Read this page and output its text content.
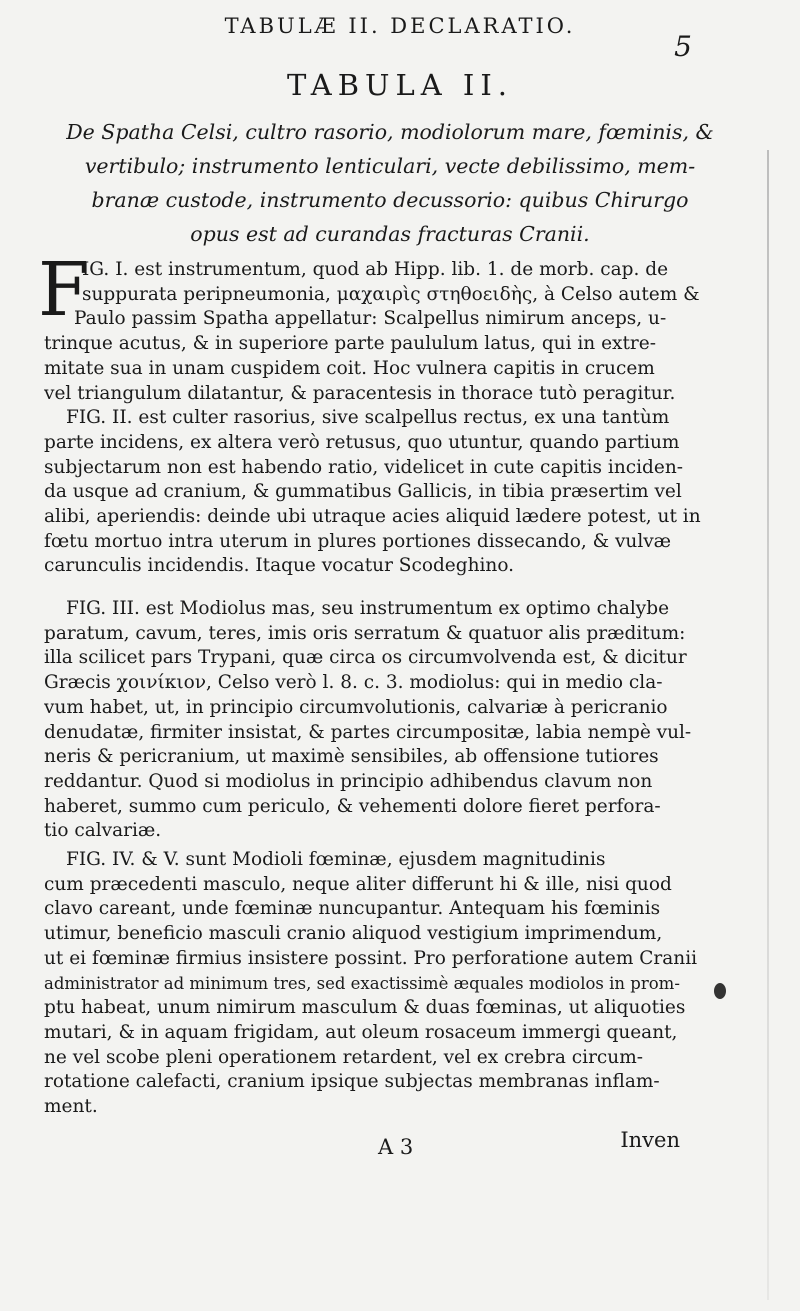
TABULÆ II. DECLARATIO.
5
TABULA II.
De Spatha Celsi, cultro rasorio, modiolorum mare, fœminis, &
vertibulo; instrumento lenticulari, vecte debilissimo, mem-
branæ custode, instrumento decussorio: quibus Chirurgo
opus est ad curandas fracturas Cranii.
F
IG. I. est instrumentum, quod ab Hipp. lib. 1. de morb. cap. de
suppurata peripneumonia, μαχαιρὶς στηθοειδὴς, à Celso autem &
Paulo passim Spatha appellatur: Scalpellus nimirum anceps, u-
trinque acutus, & in superiore parte paululum latus, qui in extre-
mitate sua in unam cuspidem coit. Hoc vulnera capitis in crucem
vel triangulum dilatantur, & paracentesis in thorace tutò peragitur.
FIG. II. est culter rasorius, sive scalpellus rectus, ex una tantùm
parte incidens, ex altera verò retusus, quo utuntur, quando partium
subjectarum non est habendo ratio, videlicet in cute capitis inciden-
da usque ad cranium, & gummatibus Gallicis, in tibia præsertim vel
alibi, aperiendis: deinde ubi utraque acies aliquid lædere potest, ut in
fœtu mortuo intra uterum in plures portiones dissecando, & vulvæ
carunculis incidendis. Itaque vocatur Scodeghino.
FIG. III. est Modiolus mas, seu instrumentum ex optimo chalybe
paratum, cavum, teres, imis oris serratum & quatuor alis præditum:
illa scilicet pars Trypani, quæ circa os circumvolvenda est, & dicitur
Græcis χοινίκιον, Celso verò l. 8. c. 3. modiolus: qui in medio cla-
vum habet, ut, in principio circumvolutionis, calvariæ à pericranio
denudatæ, firmiter insistat, & partes circumpositæ, labia nempè vul-
neris & pericranium, ut maximè sensibiles, ab offensione tutiores
reddantur. Quod si modiolus in principio adhibendus clavum non
haberet, summo cum periculo, & vehementi dolore fieret perfora-
tio calvariæ.
FIG. IV. & V. sunt Modioli fœminæ, ejusdem magnitudinis
cum præcedenti masculo, neque aliter differunt hi & ille, nisi quod
clavo careant, unde fœminæ nuncupantur. Antequam his fœminis
utimur, beneficio masculi cranio aliquod vestigium imprimendum,
ut ei fœminæ firmius insistere possint. Pro perforatione autem Cranii
administrator ad minimum tres, sed exactissimè æquales modiolos in prom-
ptu habeat, unum nimirum masculum & duas fœminas, ut aliquoties
mutari, & in aquam frigidam, aut oleum rosaceum immergi queant,
ne vel scobe pleni operationem retardent, vel ex crebra circum-
rotatione calefacti, cranium ipsique subjectas membranas inflam-
ment.
A 3	Inven
